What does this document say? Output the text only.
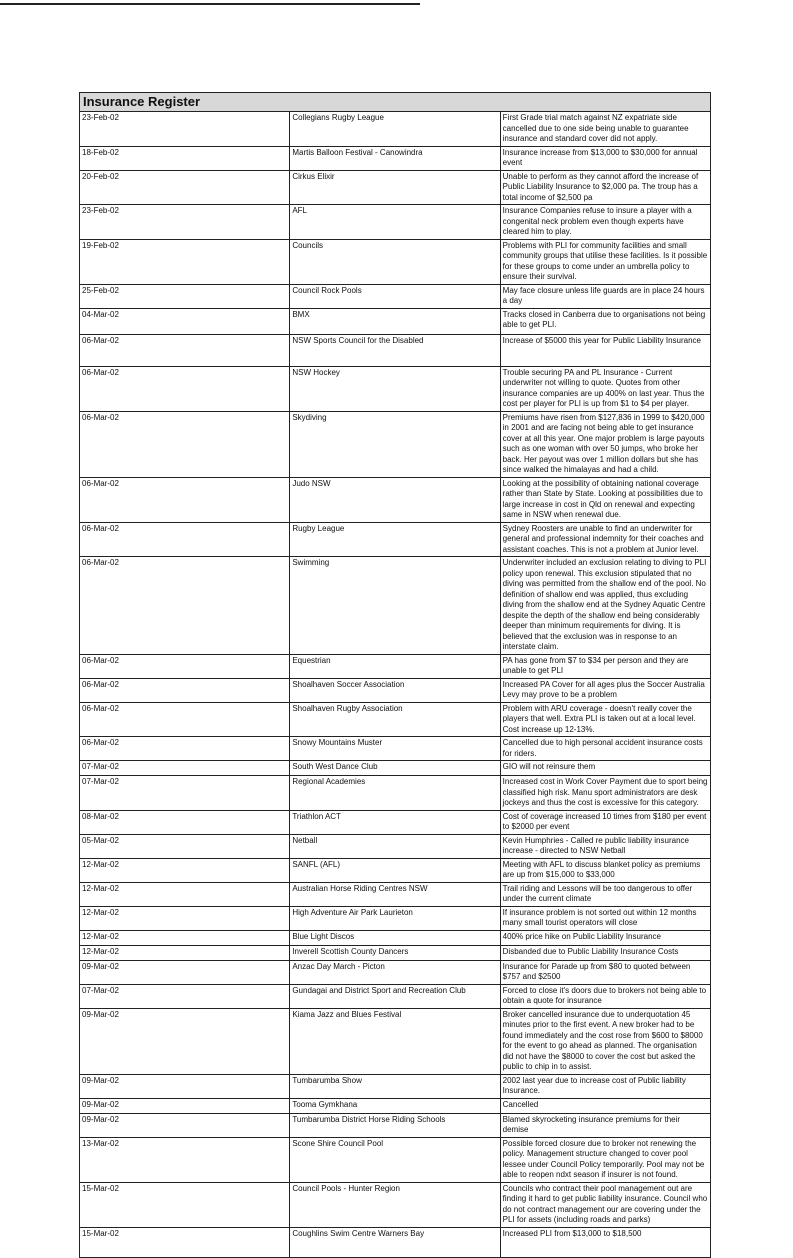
Insurance Register		
23-Feb-02	Collegians Rugby League	First Grade trial match against NZ expatriate side cancelled due to one side being unable to guarantee insurance and standard cover did not apply.
18-Feb-02	Martis Balloon Festival - Canowindra	Insurance increase from $13,000 to $30,000 for annual event
20-Feb-02	Cirkus Elixir	Unable to perform as they cannot afford the increase of Public Liability Insurance to $2,000 pa. The troup has a total income of $2,500 pa
23-Feb-02	AFL	Insurance Companies refuse to insure a player with a congenital neck problem even though experts have cleared him to play.
19-Feb-02	Councils	Problems with PLI for community facilities and small community groups that utilise these facilities. Is it possible for these groups to come under an umbrella policy to ensure their survival.
25-Feb-02	Council Rock Pools	May face closure unless life guards are in place 24 hours a day
04-Mar-02	BMX	Tracks closed in Canberra due to organisations not being able to get PLI.
06-Mar-02	NSW Sports Council for the Disabled	Increase of $5000 this year for Public Liability Insurance
06-Mar-02	NSW Hockey	Trouble securing PA and PL Insurance - Current underwriter not willing to quote. Quotes from other insurance companies are up 400% on last year. Thus the cost per player for PLI is up from $1 to $4 per player.
06-Mar-02	Skydiving	Premiums have risen from $127,836 in 1999 to $420,000 in 2001 and are facing not being able to get insurance cover at all this year. One major problem is large payouts such as one woman with over 50 jumps, who broke her back. Her payout was over 1 million dollars but she has since walked the himalayas and had a child.
06-Mar-02	Judo NSW	Looking at the possibility of obtaining national coverage rather than State by State. Looking at possibilities due to large increase in cost in Qld on renewal and expecting same in NSW when renewal due.
06-Mar-02	Rugby League	Sydney Roosters are unable to find an underwriter for general and professional indemnity for their coaches and assistant coaches. This is not a problem at Junior level.
06-Mar-02	Swimming	Underwriter included an exclusion relating to diving to PLI policy upon renewal. This exclusion stipulated that no diving was permitted from the shallow end of the pool. No definition of shallow end was applied, thus excluding diving from the shallow end at the Sydney Aquatic Centre despite the depth of the shallow end being considerably deeper than minimum requirements for diving. It is believed that the exclusion was in response to an interstate claim.
06-Mar-02	Equestrian	PA has gone from $7 to $34 per person and they are unable to get PLI
06-Mar-02	Shoalhaven Soccer Association	Increased PA Cover for all ages plus the Soccer Australia Levy may prove to be a problem
06-Mar-02	Shoalhaven Rugby Association	Problem with ARU coverage - doesn't really cover the players that well. Extra PLI is taken out at a local level. Cost increase up 12-13%.
06-Mar-02	Snowy Mountains Muster	Cancelled due to high personal accident insurance costs for riders.
07-Mar-02	South West Dance Club	GIO will not reinsure them
07-Mar-02	Regional Academies	Increased cost in Work Cover Payment due to sport being classified high risk. Manu sport administrators are desk jockeys and thus the cost is excessive for this category.
08-Mar-02	Triathlon ACT	Cost of coverage increased 10 times from $180 per event to $2000 per event
05-Mar-02	Netball	Kevin Humphries - Called re public liability insurance increase - directed to NSW Netball
12-Mar-02	SANFL (AFL)	Meeting with AFL to discuss blanket policy as premiums are up from $15,000 to $33,000
12-Mar-02	Australian Horse Riding Centres NSW	Trail riding and Lessons will be too dangerous to offer under the current climate
12-Mar-02	High Adventure Air Park Laurieton	If insurance problem is not sorted out within 12 months many small tourist operators will close
12-Mar-02	Blue Light Discos	400% price hike on Public Liability Insurance
12-Mar-02	Inverell Scottish County Dancers	Disbanded due to Public Liability Insurance Costs
09-Mar-02	Anzac Day March - Picton	Insurance for Parade up from $80 to quoted between $757 and $2500
07-Mar-02	Gundagai and District Sport and Recreation Club	Forced to close it's doors due to brokers not being able to obtain a quote for insurance
09-Mar-02	Kiama Jazz and Blues Festival	Broker cancelled insurance due to underquotation 45 minutes prior to the first event. A new broker had to be found immediately and the cost rose from $600 to $8000 for the event to go ahead as planned. The organisation did not have the $8000 to cover the cost but asked the public to chip in to assist.
09-Mar-02	Tumbarumba Show	2002 last year due to increase cost of Public liability Insurance.
09-Mar-02	Tooma Gymkhana	Cancelled
09-Mar-02	Tumbarumba District Horse Riding Schools	Blamed skyrocketing insurance premiums for their demise
13-Mar-02	Scone Shire Council Pool	Possible forced closure due to broker not renewing the policy. Management structure changed to cover pool lessee under Council Policy temporarily. Pool may not be able to reopen ndxt season if insurer is not found.
15-Mar-02	Council Pools - Hunter Region	Councils who contract their pool management out are finding it hard to get public liability insurance. Council who do not contract management our are covering under the PLI for assets (including roads and parks)
15-Mar-02	Coughlins Swim Centre Warners Bay	Increased PLI from $13,000 to $18,500
